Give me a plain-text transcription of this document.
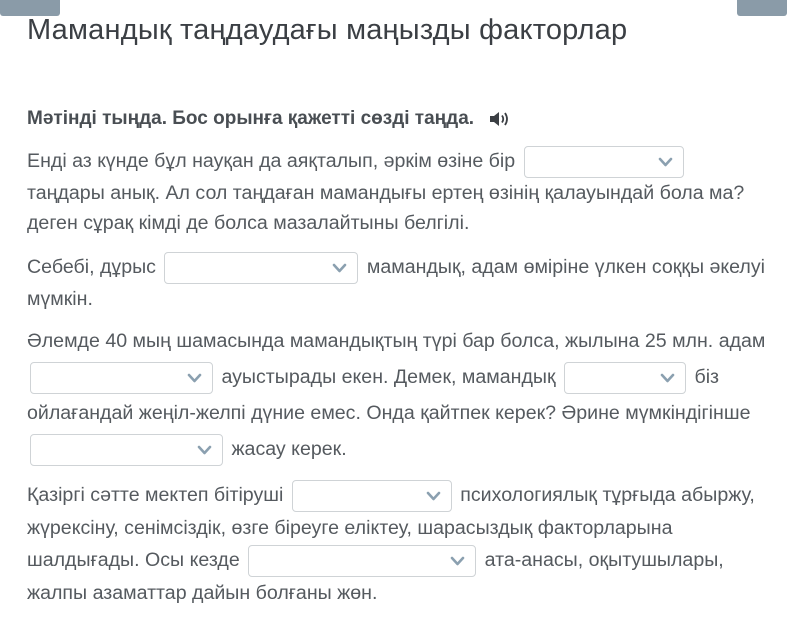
Мамандық таңдаудағы маңызды факторлар
Мәтінді тыңда. Бос орынға қажетті сөзді таңда.

Енді аз күнде бұл науқан да аяқталып, әркім өзіне бір

таңдары анық. Ал сол таңдаған мамандығы ертең өзінің қалауындай бола ма? деген сұрақ кімді де болса мазалайтыны белгілі.

Себебі, дұрыс	мамандық, адам өміріне үлкен соққы әкелуі мүмкін.

Әлемде 40 мың шамасында мамандықтың түрі бар болса, жылына 25 млн. адам
ауыстырады екен. Демек, мамандық	біз ойлағандай жеңіл-желпі дүние емес. Онда қайтпек керек? Әрине мүмкіндігінше
жасау керек.

Қазіргі сәтте мектеп бітіруші	психологиялық тұрғыда абыржу, жүрексіну, сенімсіздік, өзге біреуге еліктеу, шарасыздық факторларына шалдығады. Осы кезде	ата-анасы, оқытушылары, жалпы азаматтар дайын болғаны жөн.
